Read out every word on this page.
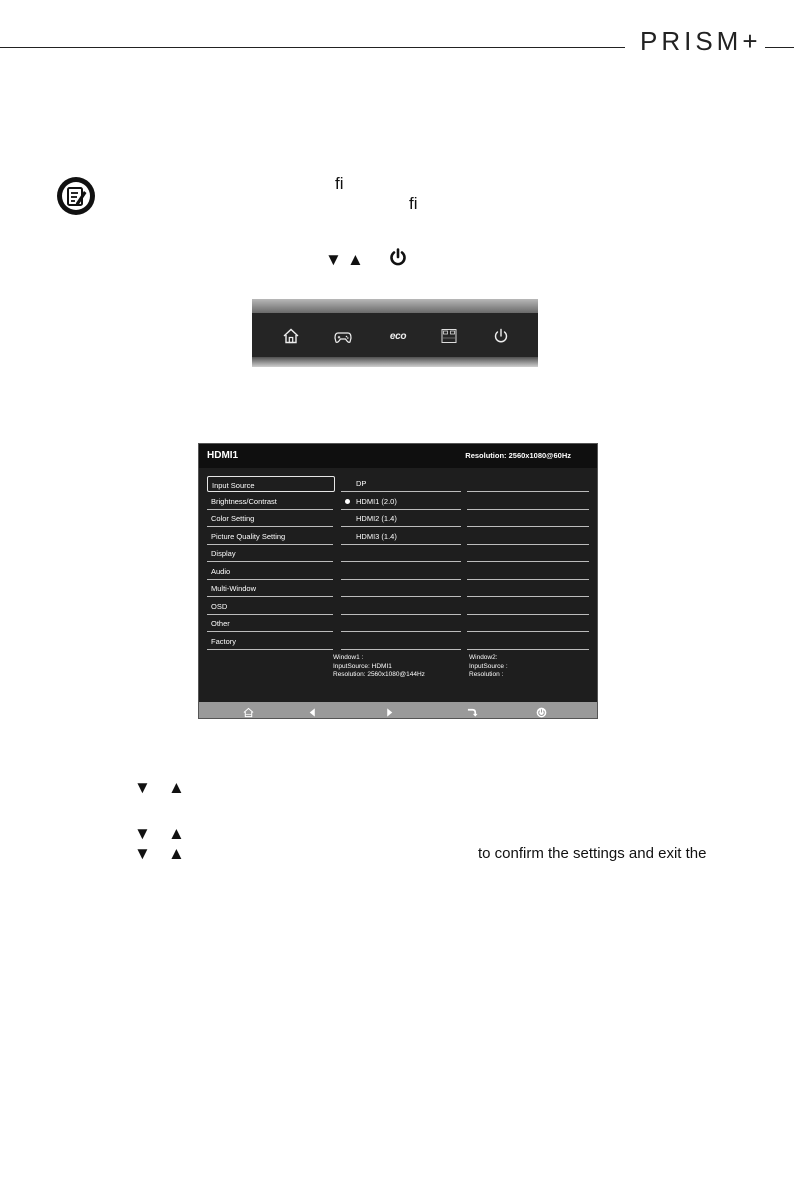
PRISM+
fi
fi
▼ ▲
eco
HDMI1	Resolution: 2560x1080@60Hz
Input Source
Brightness/Contrast
Color Setting
Picture Quality Setting
Display
Audio
Multi-Window
OSD
Other
Factory
DP
HDMI1 (2.0)
HDMI2 (1.4)
HDMI3 (1.4)
Window1 :
InputSource: HDMI1
Resolution: 2560x1080@144Hz
Window2:
InputSource :
Resolution :
▼ ▲
▼ ▲
▼ ▲	to confirm the settings and exit the
